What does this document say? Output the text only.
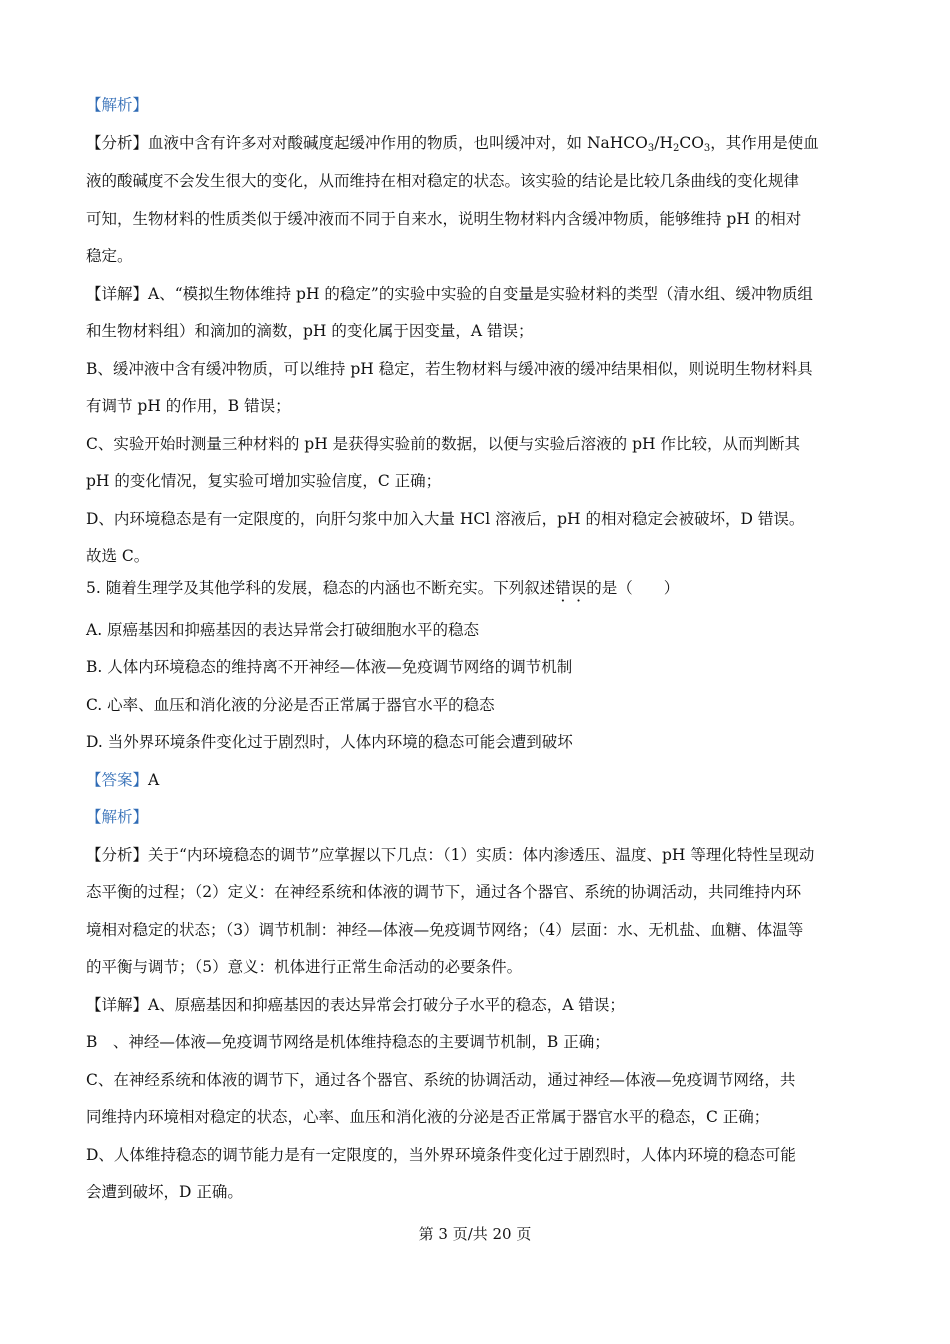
【解析】
【分析】血液中含有许多对对酸碱度起缓冲作用的物质，也叫缓冲对，如 $NaHCO_3/H_2CO_3$，其作用是使血
液的酸碱度不会发生很大的变化，从而维持在相对稳定的状态。该实验的结论是比较几条曲线的变化规律
可知，生物材料的性质类似于缓冲液而不同于自来水，说明生物材料内含缓冲物质，能够维持 pH 的相对
稳定。
【详解】A、“模拟生物体维持 pH 的稳定”的实验中实验的自变量是实验材料的类型（清水组、缓冲物质组
和生物材料组）和滴加的滴数，pH 的变化属于因变量，A 错误；
B、缓冲液中含有缓冲物质，可以维持 pH 稳定，若生物材料与缓冲液的缓冲结果相似，则说明生物材料具
有调节 pH 的作用，B 错误；
C、实验开始时测量三种材料的 pH 是获得实验前的数据，以便与实验后溶液的 pH 作比较，从而判断其
pH 的变化情况，复实验可增加实验信度，C 正确；
D、内环境稳态是有一定限度的，向肝匀浆中加入大量 HCl 溶液后，pH 的相对稳定会被破坏，D 错误。
故选 C。
5. 随着生理学及其他学科的发展，稳态的内涵也不断充实。下列叙述错误的是（　　）
A. 原癌基因和抑癌基因的表达异常会打破细胞水平的稳态
B. 人体内环境稳态的维持离不开神经—体液—免疫调节网络的调节机制
C. 心率、血压和消化液的分泌是否正常属于器官水平的稳态
D. 当外界环境条件变化过于剧烈时，人体内环境的稳态可能会遭到破坏
【答案】A
【解析】
【分析】关于“内环境稳态的调节”应掌握以下几点：（1）实质：体内渗透压、温度、pH 等理化特性呈现动
态平衡的过程；（2）定义：在神经系统和体液的调节下，通过各个器官、系统的协调活动，共同维持内环
境相对稳定的状态；（3）调节机制：神经—体液—免疫调节网络；（4）层面：水、无机盐、血糖、体温等
的平衡与调节；（5）意义：机体进行正常生命活动的必要条件。
【详解】A、原癌基因和抑癌基因的表达异常会打破分子水平的稳态，A 错误；
B　、神经—体液—免疫调节网络是机体维持稳态的主要调节机制，B 正确；
C、在神经系统和体液的调节下，通过各个器官、系统的协调活动，通过神经—体液—免疫调节网络，共
同维持内环境相对稳定的状态，心率、血压和消化液的分泌是否正常属于器官水平的稳态，C 正确；
D、人体维持稳态的调节能力是有一定限度的，当外界环境条件变化过于剧烈时，人体内环境的稳态可能
会遭到破坏，D 正确。
第 3 页/共 20 页
